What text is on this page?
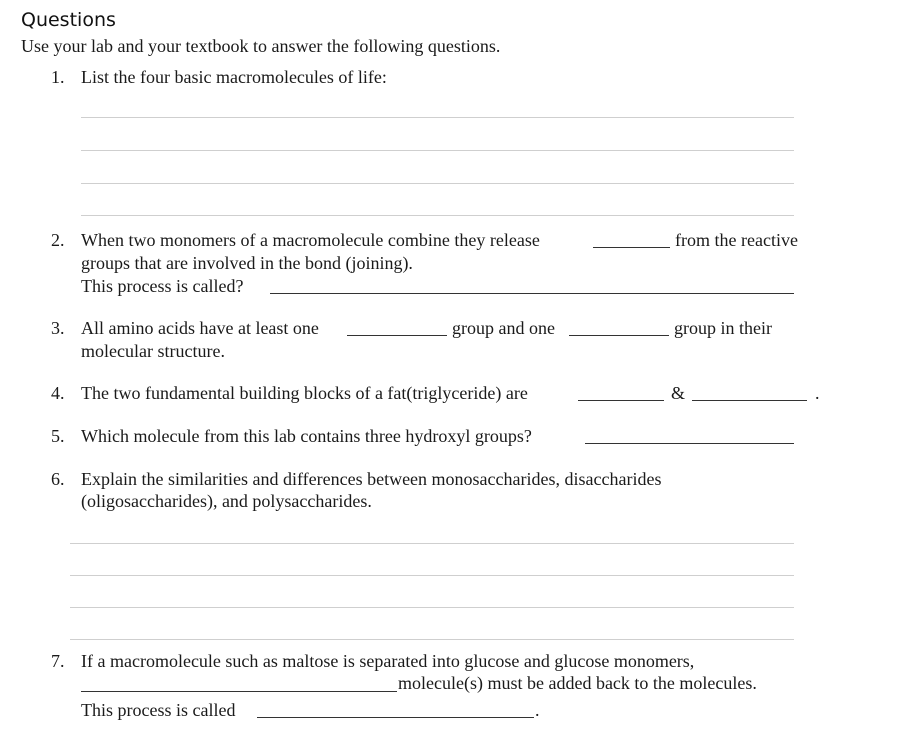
Questions
Use your lab and your textbook to answer the following questions.
1. List the four basic macromolecules of life:
2. When two monomers of a macromolecule combine they release	from the reactive
groups that are involved in the bond (joining).
This process is called?
3. All amino acids have at least one	group and one	group in their
molecular structure.
4. The two fundamental building blocks of a fat(triglyceride) are	&	.
5. Which molecule from this lab contains three hydroxyl groups?
6. Explain the similarities and differences between monosaccharides, disaccharides
(oligosaccharides), and polysaccharides.
7. If a macromolecule such as maltose is separated into glucose and glucose monomers,
molecule(s) must be added back to the molecules.
This process is called	.
